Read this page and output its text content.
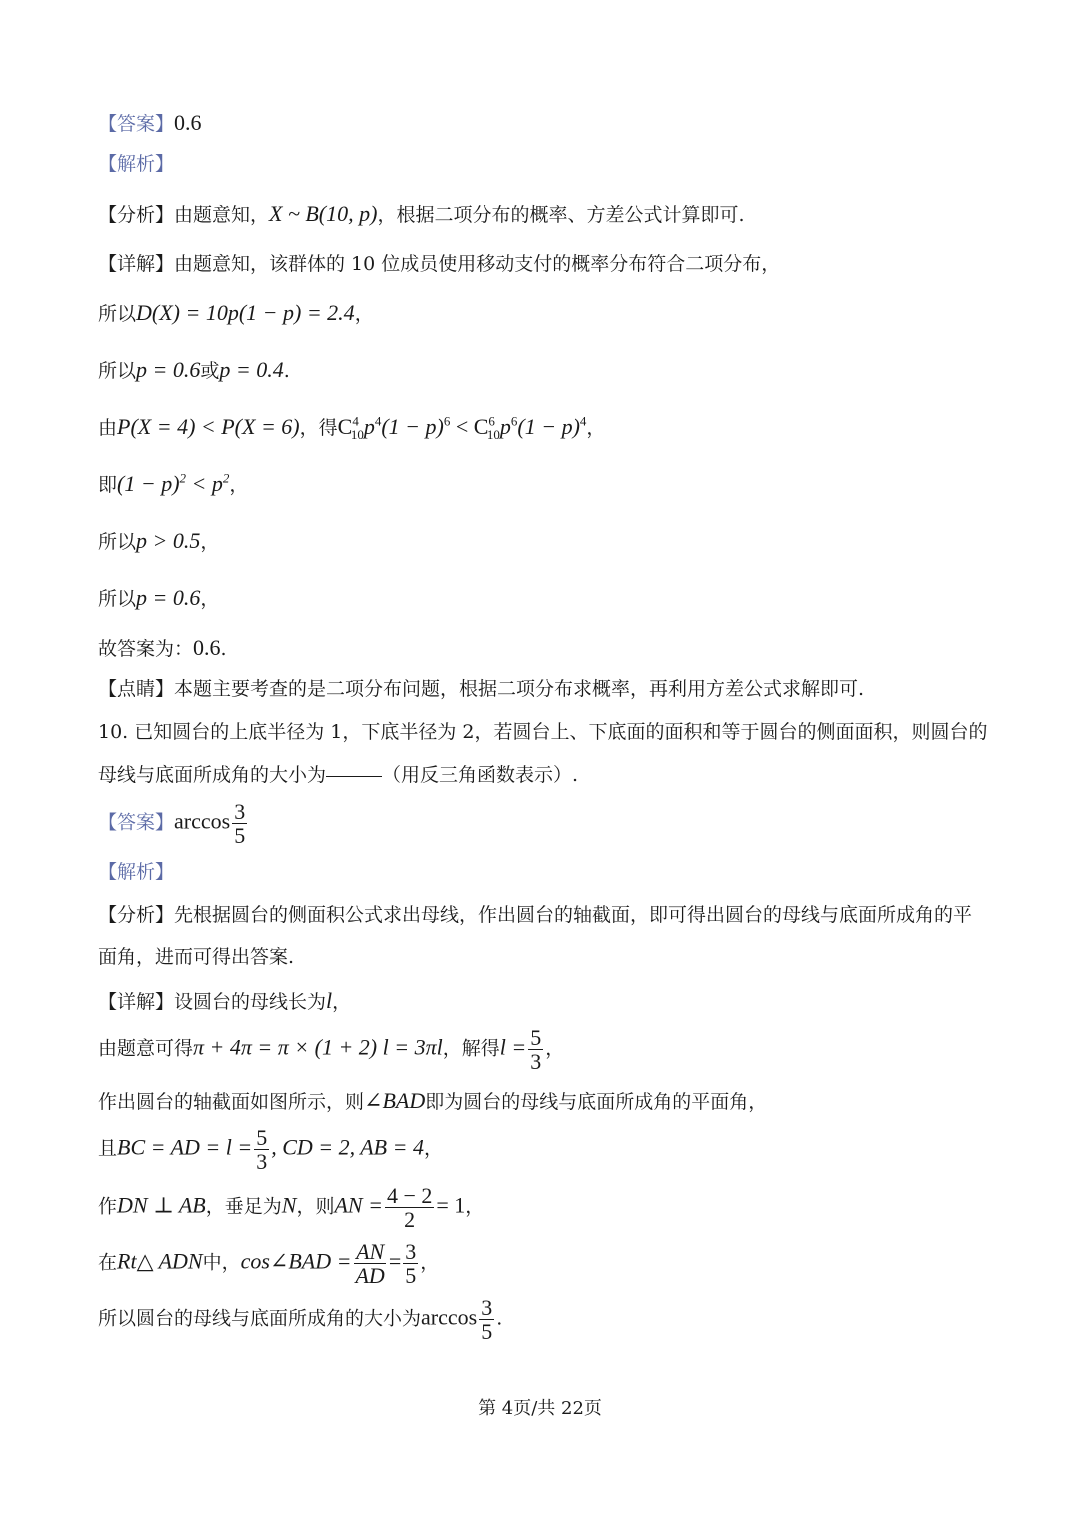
【答案】0.6
【解析】
【分析】由题意知，X ~ B(10, p)，根据二项分布的概率、方差公式计算即可.
【详解】由题意知，该群体的 10 位成员使用移动支付的概率分布符合二项分布，
所以D(X) = 10p(1 − p) = 2.4，
所以p = 0.6或p = 0.4.
由P(X = 4) < P(X = 6)，得$C^4_{10}p^4(1 - p)^6 < C^6_{10}p^6(1 - p)^4$，
即$(1 - p)^2 < p^2$，
所以p > 0.5，
所以p = 0.6，
故答案为：0.6.
【点睛】本题主要考查的是二项分布问题，根据二项分布求概率，再利用方差公式求解即可.
10. 已知圆台的上底半径为 1，下底半径为 2，若圆台上、下底面的面积和等于圆台的侧面面积，则圆台的
母线与底面所成角的大小为	（用反三角函数表示）.
【答案】$\arccos \frac{3}{5}$
【解析】
【分析】先根据圆台的侧面积公式求出母线，作出圆台的轴截面，即可得出圆台的母线与底面所成角的平
面角，进而可得出答案.
【详解】设圆台的母线长为l，
由题意可得π + 4π = π × (1 + 2) l = 3πl，解得$l = \frac{5}{3}$ ，
作出圆台的轴截面如图所示，则∠BAD即为圆台的母线与底面所成角的平面角，
且BC = AD = $l = \frac{5}{3}$ , CD = 2, AB = 4，
作DN ⊥ AB，垂足为N，则AN = $\frac{4 - 2}{2} = 1$，
在Rt△ ADN中，cos∠BAD = $\frac{AN}{AD} = \frac{3}{5}$ ，
所以圆台的母线与底面所成角的大小为$\arccos \frac{3}{5}$ .
第 4页/共 22页
